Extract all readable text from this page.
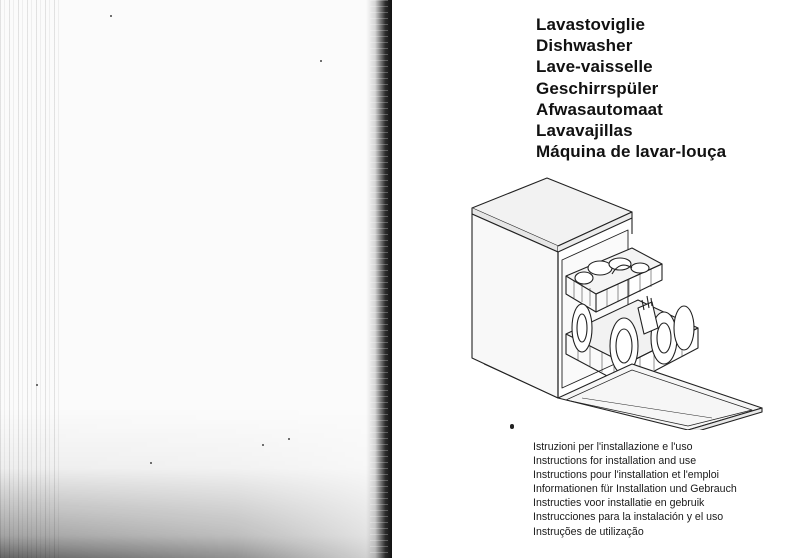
Lavastoviglie
Dishwasher
Lave-vaisselle
Geschirrspüler
Afwasautomaat
Lavavajillas
Máquina de lavar-louça
Istruzioni per l'installazione e l'uso
Instructions for installation and use
Instructions pour l'installation et l'emploi
Informationen für Installation und Gebrauch
Instructies voor installatie en gebruik
Instrucciones para la instalación y el uso
Instruções de utilização
